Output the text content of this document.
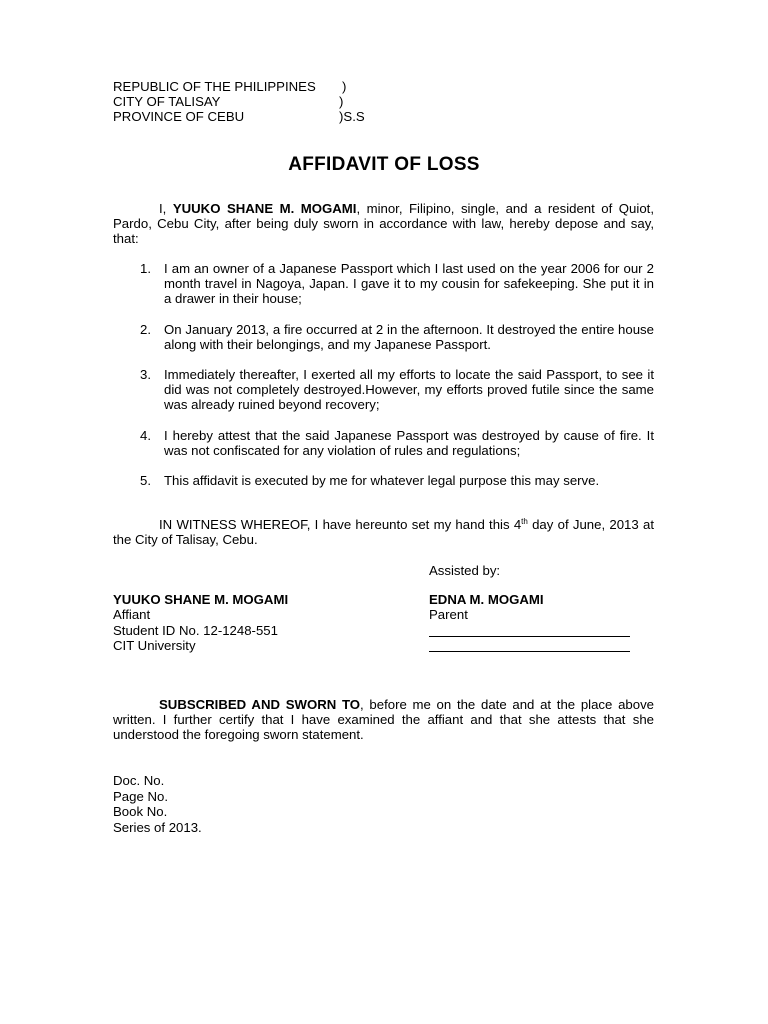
REPUBLIC OF THE PHILIPPINES )
CITY OF TALISAY	)
PROVINCE OF CEBU	)S.S
AFFIDAVIT OF LOSS
I, YUUKO SHANE M. MOGAMI, minor, Filipino, single, and a resident of Quiot, Pardo, Cebu City, after being duly sworn in accordance with law, hereby depose and say, that:
1. I am an owner of a Japanese Passport which I last used on the year 2006 for our 2 month travel in Nagoya, Japan. I gave it to my cousin for safekeeping. She put it in a drawer in their house;
2. On January 2013, a fire occurred at 2 in the afternoon. It destroyed the entire house along with their belongings, and my Japanese Passport.
3. Immediately thereafter, I exerted all my efforts to locate the said Passport, to see it did was not completely destroyed.However, my efforts proved futile since the same was already ruined beyond recovery;
4. I hereby attest that the said Japanese Passport was destroyed by cause of fire. It was not confiscated for any violation of rules and regulations;
5. This affidavit is executed by me for whatever legal purpose this may serve.
IN WITNESS WHEREOF, I have hereunto set my hand this 4th day of June, 2013 at the City of Talisay, Cebu.
Assisted by:
YUUKO SHANE M. MOGAMI
Affiant
Student ID No. 12-1248-551
CIT University
EDNA M. MOGAMI
Parent
SUBSCRIBED AND SWORN TO, before me on the date and at the place above written. I further certify that I have examined the affiant and that she attests that she understood the foregoing sworn statement.
Doc. No.
Page No.
Book No.
Series of 2013.
